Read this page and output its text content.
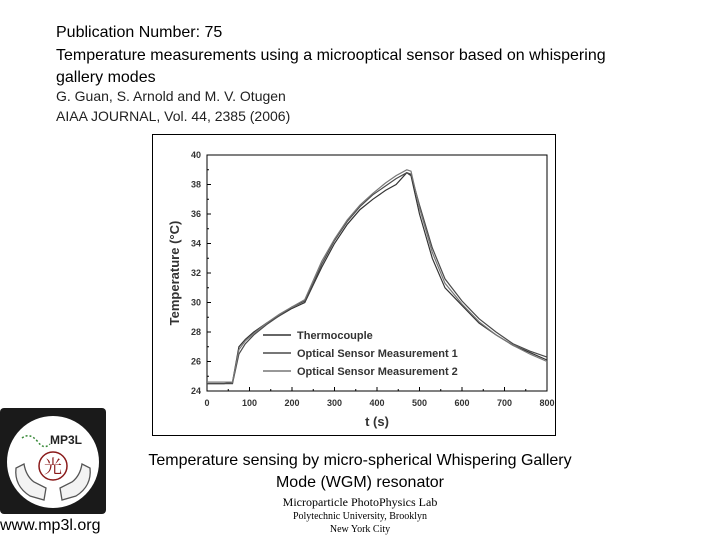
Publication Number: 75
Temperature measurements using a microoptical sensor based on whispering gallery modes
G. Guan, S. Arnold and M. V. Otugen
AIAA JOURNAL, Vol. 44, 2385 (2006)
0	100	200	300	400	500	600	700	800
24
26
28
30
32
34
36
38
40
t (s)
Temperature (°C)
Thermocouple
Optical Sensor Measurement 1
Optical Sensor Measurement 2
Temperature sensing by micro-spherical Whispering Gallery Mode (WGM) resonator
Microparticle PhotoPhysics Lab
Polytechnic University, Brooklyn
New York City
光
MP3L
www.mp3l.org
